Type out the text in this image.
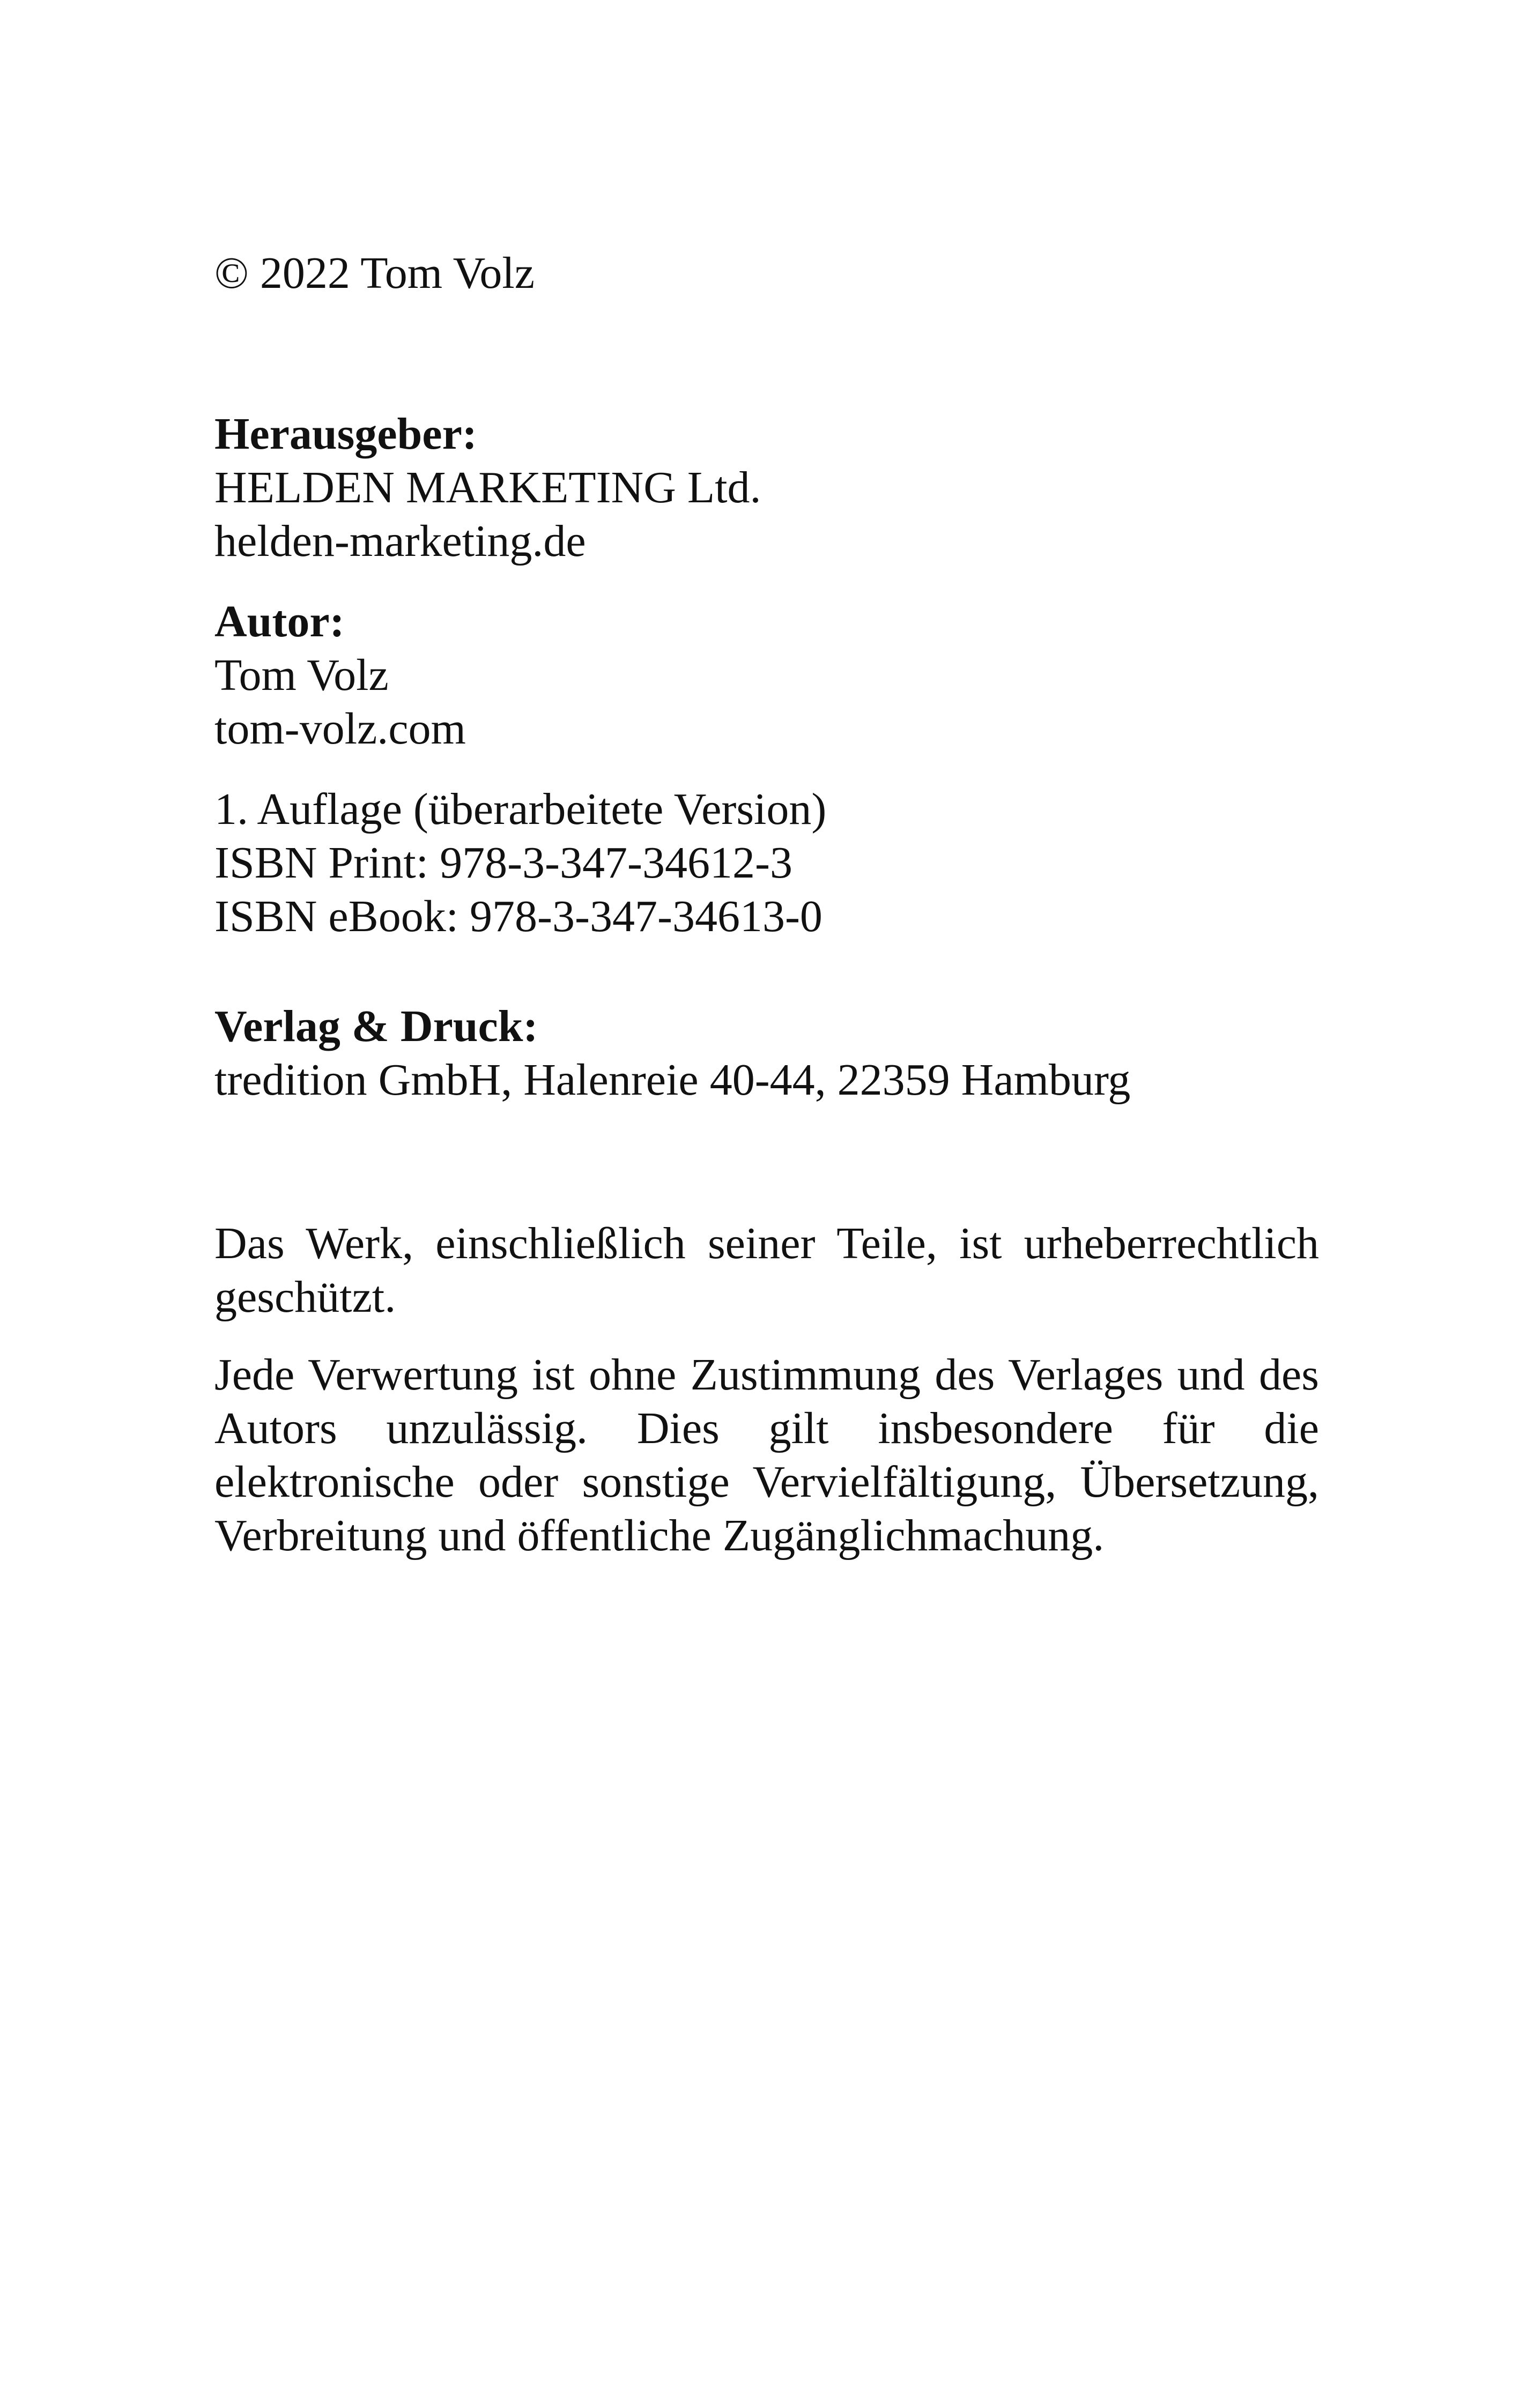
© 2022 Tom Volz

Herausgeber:
HELDEN MARKETING Ltd.
helden-marketing.de
Autor:
Tom Volz
tom-volz.com
1. Auflage (überarbeitete Version)
ISBN Print: 978-3-347-34612-3
ISBN eBook: 978-3-347-34613-0
Verlag & Druck:
tredition GmbH, Halenreie 40-44, 22359 Hamburg

Das Werk, einschließlich seiner Teile, ist urheberrechtlich geschützt.

Jede Verwertung ist ohne Zustimmung des Verlages und des Autors unzulässig. Dies gilt insbesondere für die elektronische oder sonstige Vervielfältigung, Übersetzung, Verbreitung und öffentliche Zugänglichmachung.
